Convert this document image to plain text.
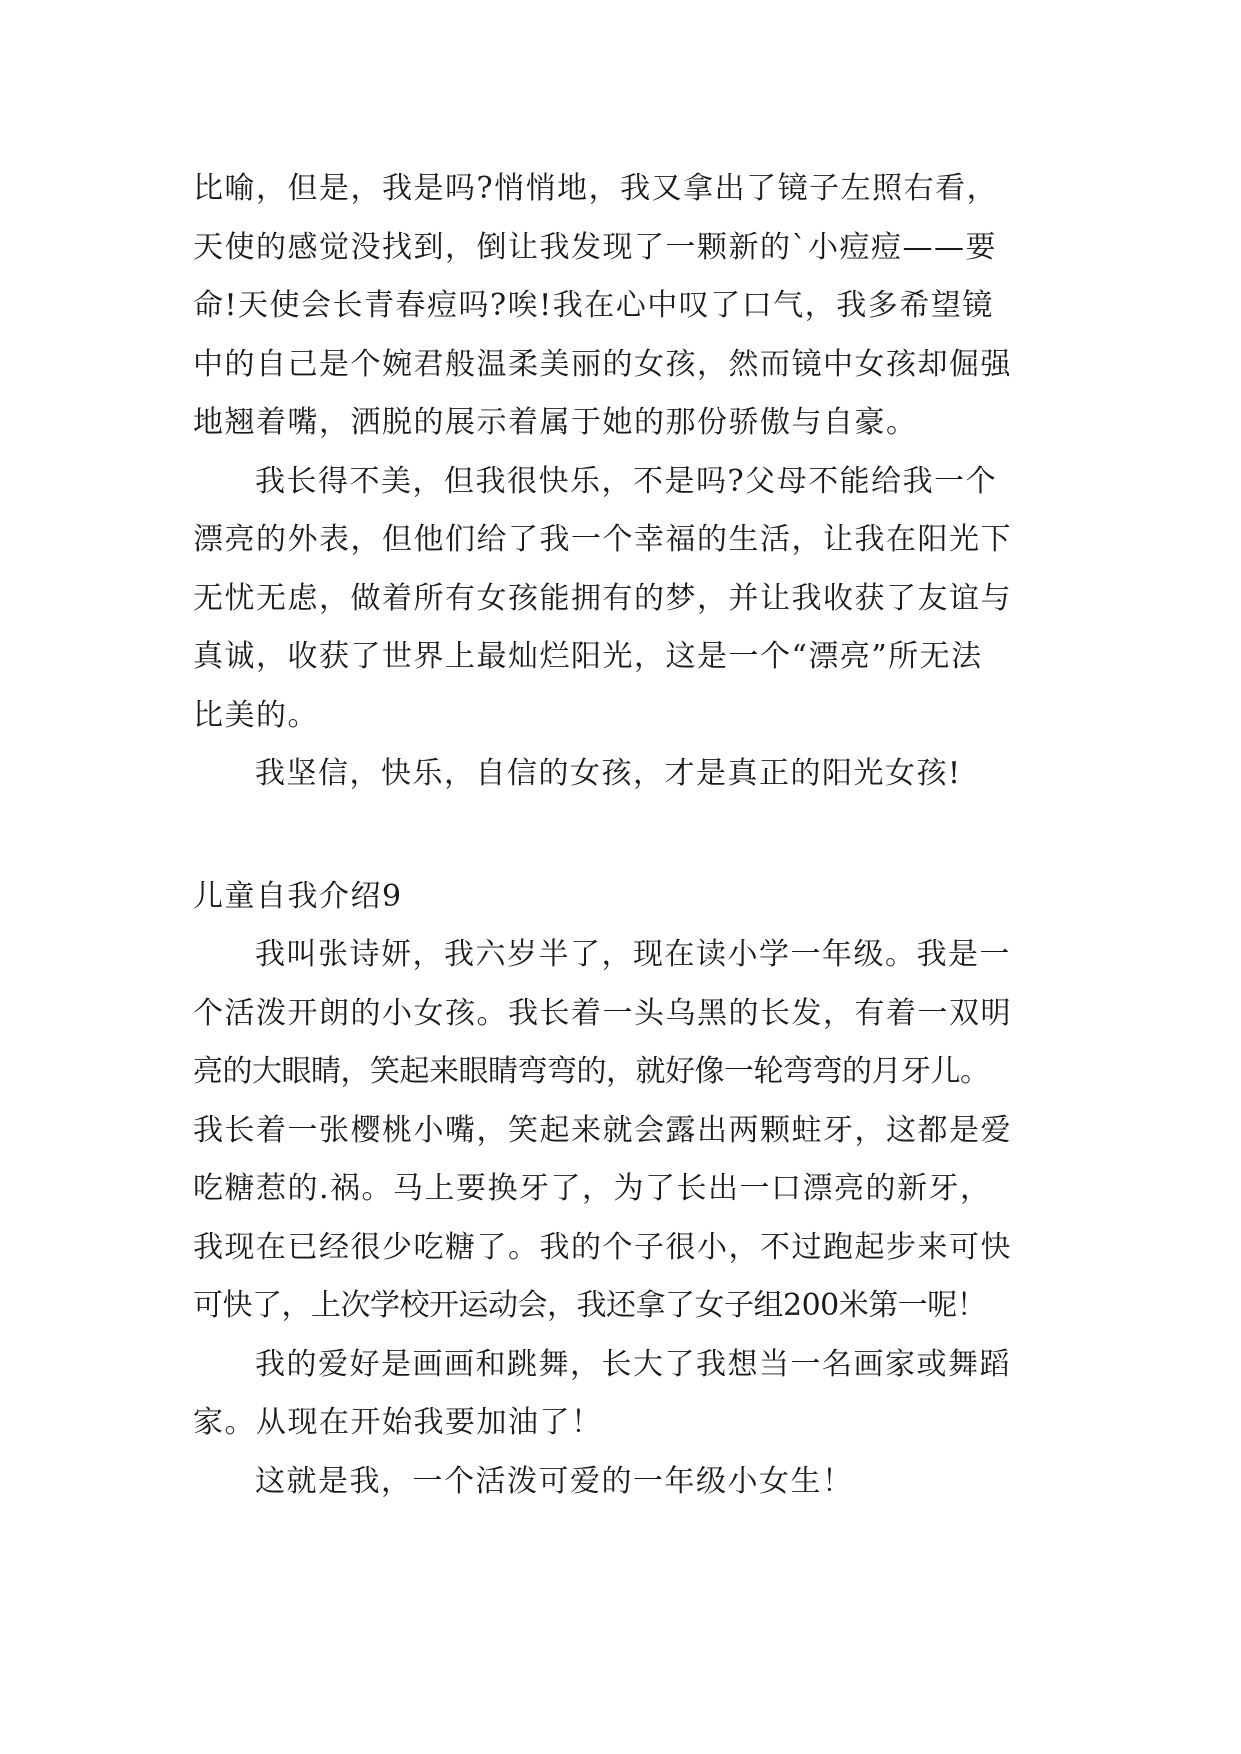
比喻，但是，我是吗?悄悄地，我又拿出了镜子左照右看，
天使的感觉没找到，倒让我发现了一颗新的`小痘痘——要
命!天使会长青春痘吗?唉!我在心中叹了口气，我多希望镜
中的自己是个婉君般温柔美丽的女孩，然而镜中女孩却倔强
地翘着嘴，洒脱的展示着属于她的那份骄傲与自豪。
我长得不美，但我很快乐，不是吗?父母不能给我一个
漂亮的外表，但他们给了我一个幸福的生活，让我在阳光下
无忧无虑，做着所有女孩能拥有的梦，并让我收获了友谊与
真诚，收获了世界上最灿烂阳光，这是一个“漂亮”所无法
比美的。
我坚信，快乐，自信的女孩，才是真正的阳光女孩!
儿童自我介绍9
我叫张诗妍，我六岁半了，现在读小学一年级。我是一
个活泼开朗的小女孩。我长着一头乌黑的长发，有着一双明
亮的大眼睛，笑起来眼睛弯弯的，就好像一轮弯弯的月牙儿。
我长着一张樱桃小嘴，笑起来就会露出两颗蛀牙，这都是爱
吃糖惹的.祸。马上要换牙了，为了长出一口漂亮的新牙，
我现在已经很少吃糖了。我的个子很小，不过跑起步来可快
可快了，上次学校开运动会，我还拿了女子组200米第一呢！
我的爱好是画画和跳舞，长大了我想当一名画家或舞蹈
家。从现在开始我要加油了！
这就是我，一个活泼可爱的一年级小女生！
